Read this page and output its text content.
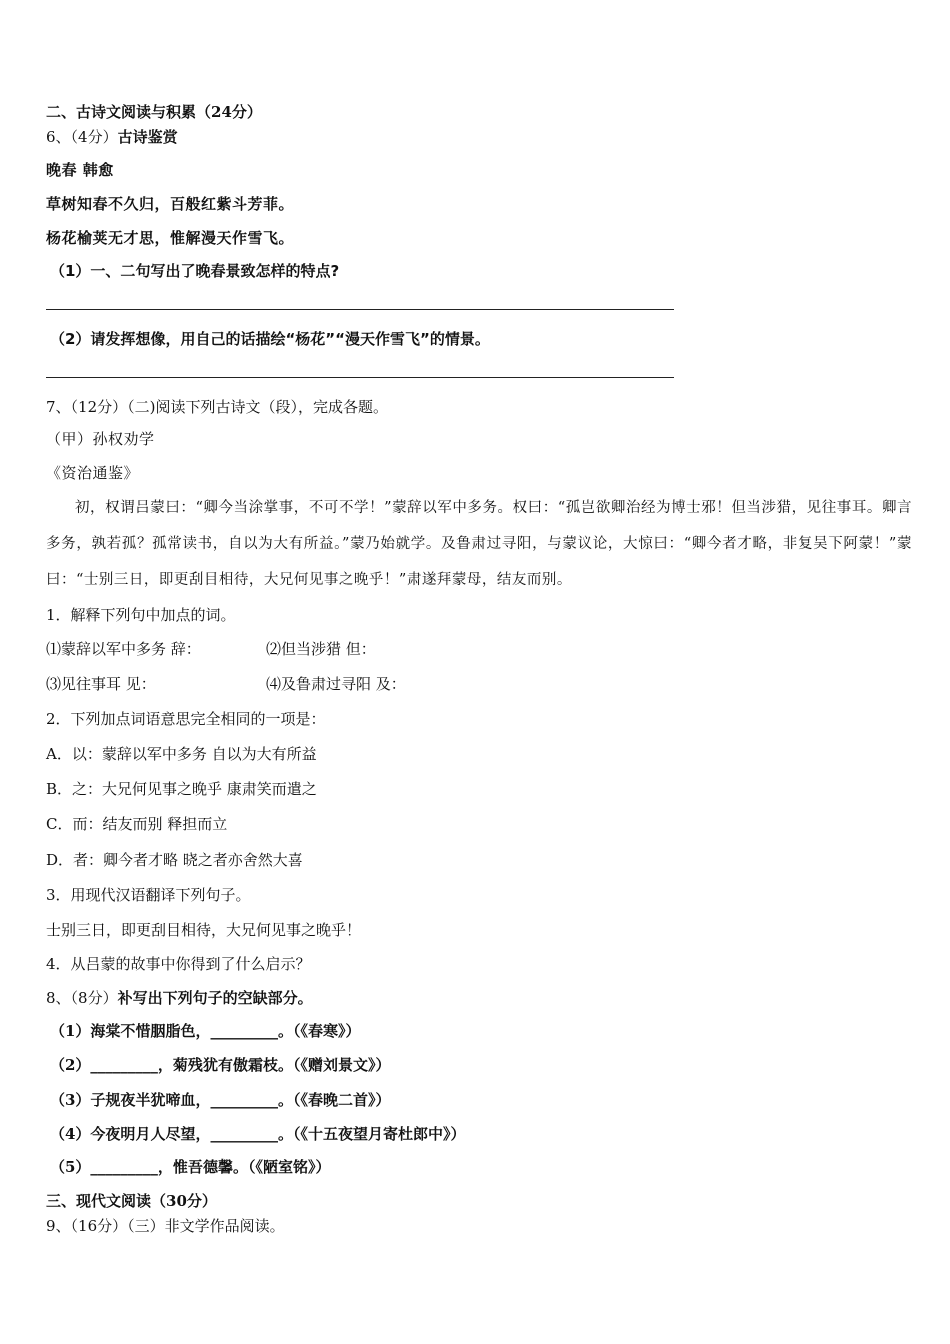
二、古诗文阅读与积累（24分）
6、（4分）古诗鉴赏
晚春 韩愈
草树知春不久归，百般红紫斗芳菲。
杨花榆荚无才思，惟解漫天作雪飞。
（1）一、二句写出了晚春景致怎样的特点?
（2）请发挥想像，用自己的话描绘“杨花”“漫天作雪飞”的情景。
7、（12分）（二)阅读下列古诗文（段），完成各题。
（甲）孙权劝学
《资治通鉴》
初，权谓吕蒙曰：“卿今当涂掌事，不可不学！”蒙辞以军中多务。权曰：“孤岂欲卿治经为博士邪！但当涉猎，见往事耳。卿言多务，孰若孤？孤常读书，自以为大有所益。”蒙乃始就学。及鲁肃过寻阳，与蒙议论，大惊曰：“卿今者才略，非复吴下阿蒙！”蒙曰：“士别三日，即更刮目相待，大兄何见事之晚乎！”肃遂拜蒙母，结友而别。
1．解释下列句中加点的词。
⑴蒙辞以军中多务 辞：	⑵但当涉猎 但：
⑶见往事耳 见：	⑷及鲁肃过寻阳 及：
2．下列加点词语意思完全相同的一项是：
A．以：蒙辞以军中多务 自以为大有所益
B．之：大兄何见事之晚乎 康肃笑而遣之
C．而：结友而别 释担而立
D．者：卿今者才略 晓之者亦舍然大喜
3．用现代汉语翻译下列句子。
士别三日，即更刮目相待，大兄何见事之晚乎！
4．从吕蒙的故事中你得到了什么启示？
8、（8分）补写出下列句子的空缺部分。
（1）海棠不惜胭脂色，_________。（《春寒》）
（2）_________，菊残犹有傲霜枝。（《赠刘景文》）
（3）子规夜半犹啼血，_________。（《春晚二首》）
（4）今夜明月人尽望，_________。（《十五夜望月寄杜郎中》）
（5）_________，惟吾德馨。（《陋室铭》）
三、现代文阅读（30分）
9、（16分）（三）非文学作品阅读。
